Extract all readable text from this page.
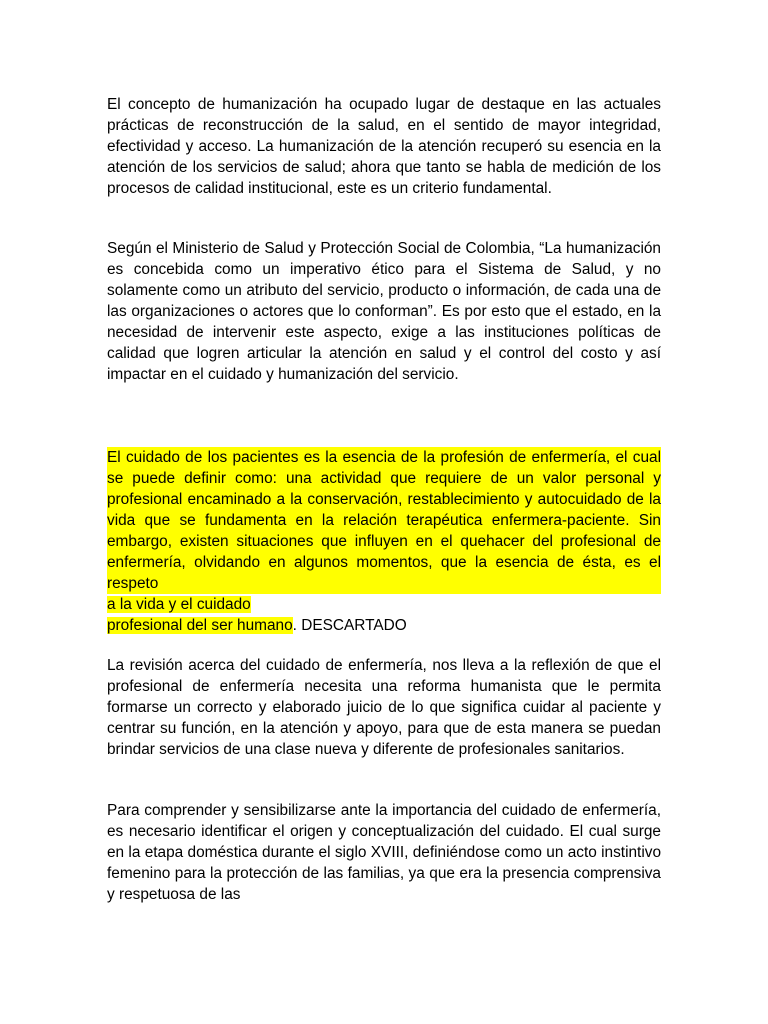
El concepto de humanización ha ocupado lugar de destaque en las actuales prácticas de reconstrucción de la salud, en el sentido de mayor integridad, efectividad y acceso. La humanización de la atención recuperó su esencia en la atención de los servicios de salud; ahora que tanto se habla de medición de los procesos de calidad institucional, este es un criterio fundamental.

Según el Ministerio de Salud y Protección Social de Colombia, “La humanización es concebida como un imperativo ético para el Sistema de Salud, y no solamente como un atributo del servicio, producto o información, de cada una de las organizaciones o actores que lo conforman”. Es por esto que el estado, en la necesidad de intervenir este aspecto, exige a las instituciones políticas de calidad que logren articular la atención en salud y el control del costo y así impactar en el cuidado y humanización del servicio.

El cuidado de los pacientes es la esencia de la profesión de enfermería, el cual se puede definir como: una actividad que requiere de un valor personal y profesional encaminado a la conservación, restablecimiento y autocuidado de la vida que se fundamenta en la relación terapéutica enfermera-paciente. Sin embargo, existen situaciones que influyen en el quehacer del profesional de enfermería, olvidando en algunos momentos, que la esencia de ésta, es el respeto
a la vida y el cuidado
profesional del ser humano. DESCARTADO

La revisión acerca del cuidado de enfermería, nos lleva a la reflexión de que el profesional de enfermería necesita una reforma humanista que le permita formarse un correcto y elaborado juicio de lo que significa cuidar al paciente y centrar su función, en la atención y apoyo, para que de esta manera se puedan brindar servicios de una clase nueva y diferente de profesionales sanitarios.

Para comprender y sensibilizarse ante la importancia del cuidado de enfermería, es necesario identificar el origen y conceptualización del cuidado. El cual surge en la etapa doméstica durante el siglo XVIII, definiéndose como un acto instintivo femenino para la protección de las familias, ya que era la presencia comprensiva y respetuosa de las
